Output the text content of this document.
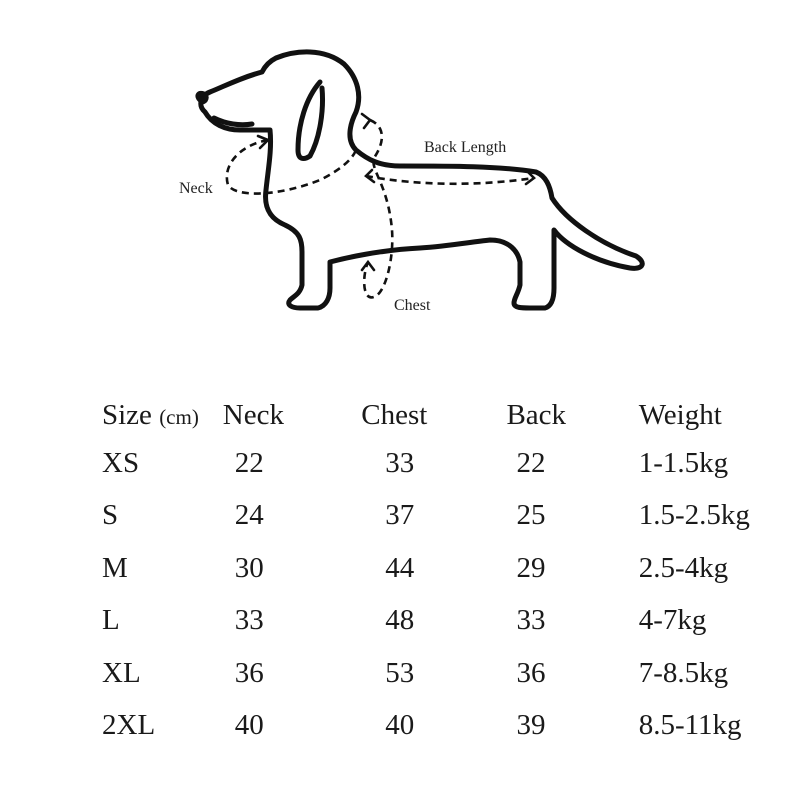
Neck
Back Length
Chest
Size (cm)	Neck	Chest	Back	Weight
XS	22	33	22	1-1.5kg
S	24	37	25	1.5-2.5kg
M	30	44	29	2.5-4kg
L	33	48	33	4-7kg
XL	36	53	36	7-8.5kg
2XL	40	40	39	8.5-11kg
